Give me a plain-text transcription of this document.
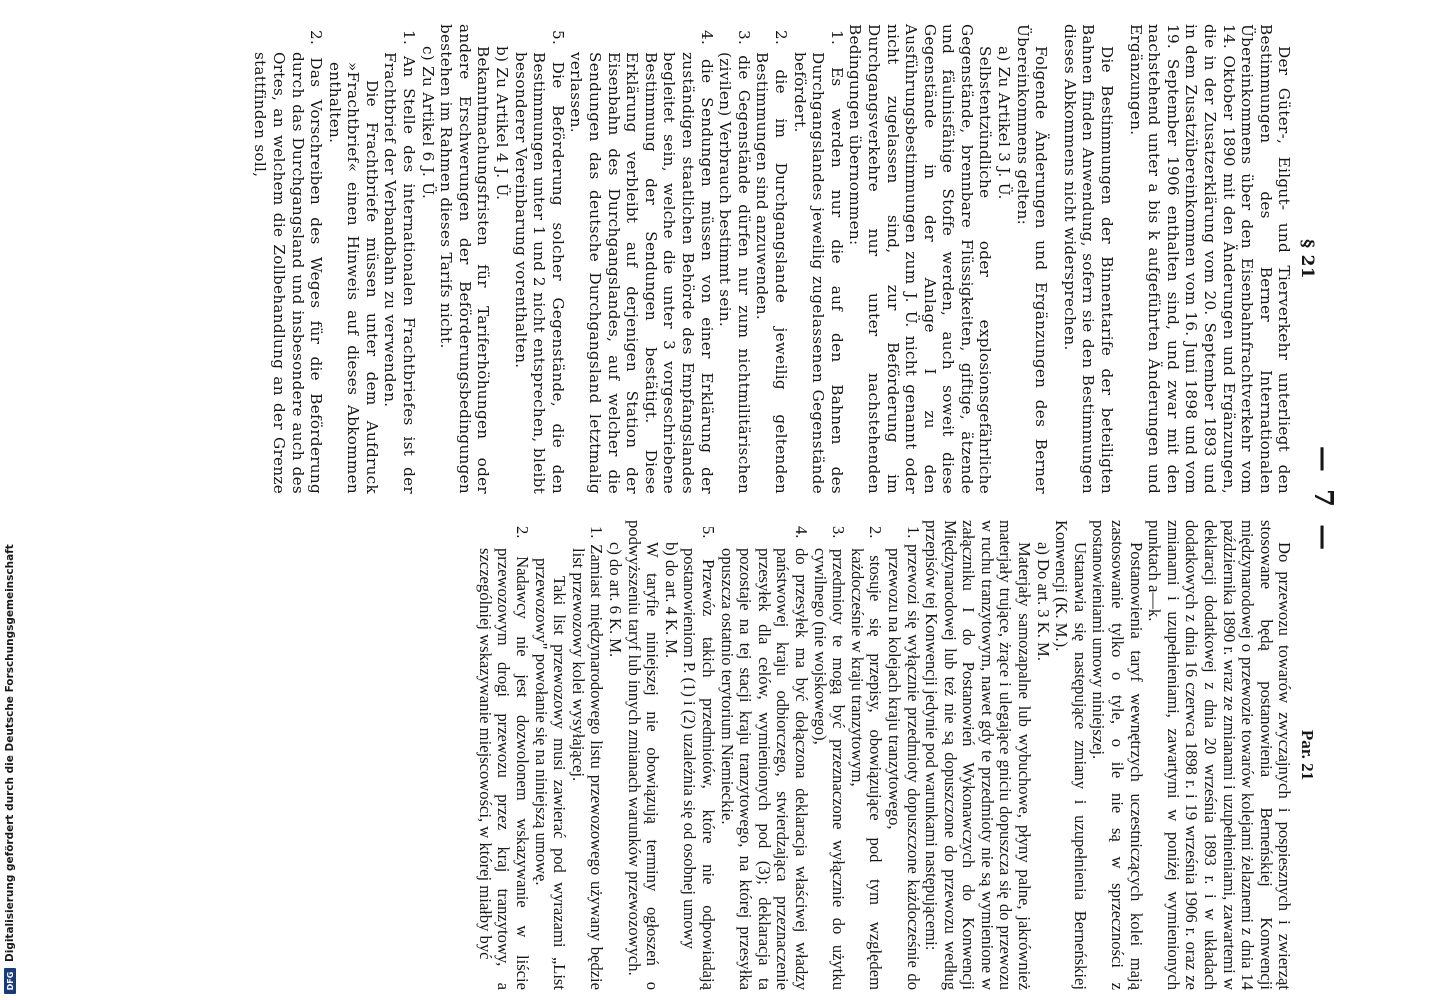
— 7 —

§ 21

Der Güter-, Eilgut- und Tierverkehr unterliegt den Bestimmungen des Berner Internationalen Übereinkommens über den Eisenbahnfrachtverkehr vom 14. Oktober 1890 mit den Änderungen und Ergänzungen, die in der Zusatzerklärung vom 20. September 1893 und in dem Zusatzübereinkommen vom 16. Juni 1898 und vom 19. September 1906 enthalten sind, und zwar mit den nachstehend unter a bis k aufgeführten Änderungen und Ergänzungen.

Die Bestimmungen der Binnentarife der beteiligten Bahnen finden Anwendung, sofern sie den Bestimmungen dieses Abkommens nicht widersprechen.

Folgende Änderungen und Ergänzungen des Berner Übereinkommens gelten:

a) Zu Artikel 3 J. Ü.

Selbstentzündliche oder explosionsgefährliche Gegenstände, brennbare Flüssigkeiten, giftige, ätzende und fäulnisfähige Stoffe werden, auch soweit diese Gegenstände in der Anlage I zu den Ausführungsbestimmungen zum J. Ü. nicht genannt oder nicht zugelassen sind, zur Beförderung im Durchgangsverkehre nur unter nachstehenden Bedingungen übernommen:

1. Es werden nur die auf den Bahnen des Durchgangslandes jeweilig zugelassenen Gegenstände befördert.

2. die im Durchgangslande jeweilig geltenden Bestimmungen sind anzuwenden.

3. die Gegenstände dürfen nur zum nichtmilitärischen (zivilen) Verbrauch bestimmt sein.

4. die Sendungen müssen von einer Erklärung der zuständigen staatlichen Behörde des Empfangslandes begleitet sein, welche die unter 3 vorgeschriebene Bestimmung der Sendungen bestätigt. Diese Erklärung verbleibt auf derjenigen Station der Eisenbahn des Durchgangslandes, auf welcher die Sendungen das deutsche Durchgangsland letztmalig verlassen.

5. Die Beförderung solcher Gegenstände, die den Bestimmungen unter 1 und 2 nicht entsprechen, bleibt besonderer Vereinbarung vorenthalten.

b) Zu Artikel 4 J. Ü.

Bekanntmachungsfristen für Tariferhöhungen oder andere Erschwerungen der Beförderungsbedingungen bestehen im Rahmen dieses Tarifs nicht.

c) Zu Artikel 6 J. Ü.

1. An Stelle des internationalen Frachtbriefes ist der Frachtbrief der Verbandbahn zu verwenden.

Die Frachtbriefe müssen unter dem Aufdruck »Frachtbrief« einen Hinweis auf dieses Abkommen enthalten.

2. Das Vorschreiben des Weges für die Beförderung durch das Durchgangsland und insbesondere auch des Ortes, an welchem die Zollbehandlung an der Grenze stattfinden soll,

Par. 21

Do przewozu towarów zwyczajnych i pospiesznych i zwierząt stosowane będą postanowienia Berneńskiej Konwencji międzynarodowej o przewozie towarów kolejami żelaznemi z dnia 14 października 1890 r. wraz ze zmianami i uzupełnieniami, zawartemi w deklaracji dodatkowej z dnia 20 września 1893 r. i w układach dodatkowych z dnia 16 czerwca 1898 r. i 19 września 1906 r. oraz ze zmianami i uzupełnieniami, zawartymi w poniżej wymienionych punktach a—k.

Postanowienia taryf wewnętrzych uczestniczących kolei mają zastosowanie tylko o tyle, o ile nie są w sprzeczności z postanowieniami umowy niniejszej.

Ustanawia się następujące zmiany i uzupełnienia Berneńskiej Konwencji (K. M.).

a) Do art. 3 K. M.

Materjały samozapalne lub wybuchowe, płyny palne, jakrównież materjały trujące, żrące i ulegające gniciu dopuszcza się do przewozu w ruchu tranzytowym, nawet gdy te przedmioty nie są wymienione w załączniku I do Postanowień Wykonawczych do Konwencji Międzynarodowej lub też nie są dopuszczone do przewozu według przepisów tej Konwencji jedynie pod warunkami następującemi:

1. przewozi się wyłącznie przedmioty dopuszczone każdocześnie do przewozu na kolejach kraju tranzytowego,

2. stosuje się przepisy, obowiązujące pod tym względem każdocześnie w kraju tranzytowym,

3. przedmioty te mogą być przeznaczone wyłącznie do użytku cywilnego (nie wojskowego),

4. do przesyłek ma być dołączona deklaracja właściwej władzy państwowej kraju odbiorczego, stwierdzająca przeznaczenie przesyłek dla celów, wymienionych pod (3); deklaracja ta pozostaje na tej stacji kraju tranzytowego, na której przesyłka opuszcza ostatnio terytorium Niemieckie.

5. Przewóz takich przedmiotów, które nie odpowiadają postanowieniom P. (1) i (2) uzależnia się od osobnej umowy

b) do art. 4 K. M.

W taryfie niniejszej nie obowiązują terminy ogłoszeń o podwyższeniu taryf lub innych zmianach warunków przewozowych.

c) do art. 6 K. M.

1. Zamiast międzynarodowego listu przewozowego używany będzie list przewozowy kolei wysyłającej.

Taki list przewozowy musi zawierać pod wyrazami „List przewozowy" powołanie się na niniejszą umowę.

2. Nadawcy nie jest dozwolonem wskazywanie w liście przewozowym drogi przewozu przez kraj tranzytowy, a szczególniej wskazywanie miejscowości, w której miałby być

DFG
Digitalisierung gefördert durch die Deutsche Forschungsgemeinschaft
